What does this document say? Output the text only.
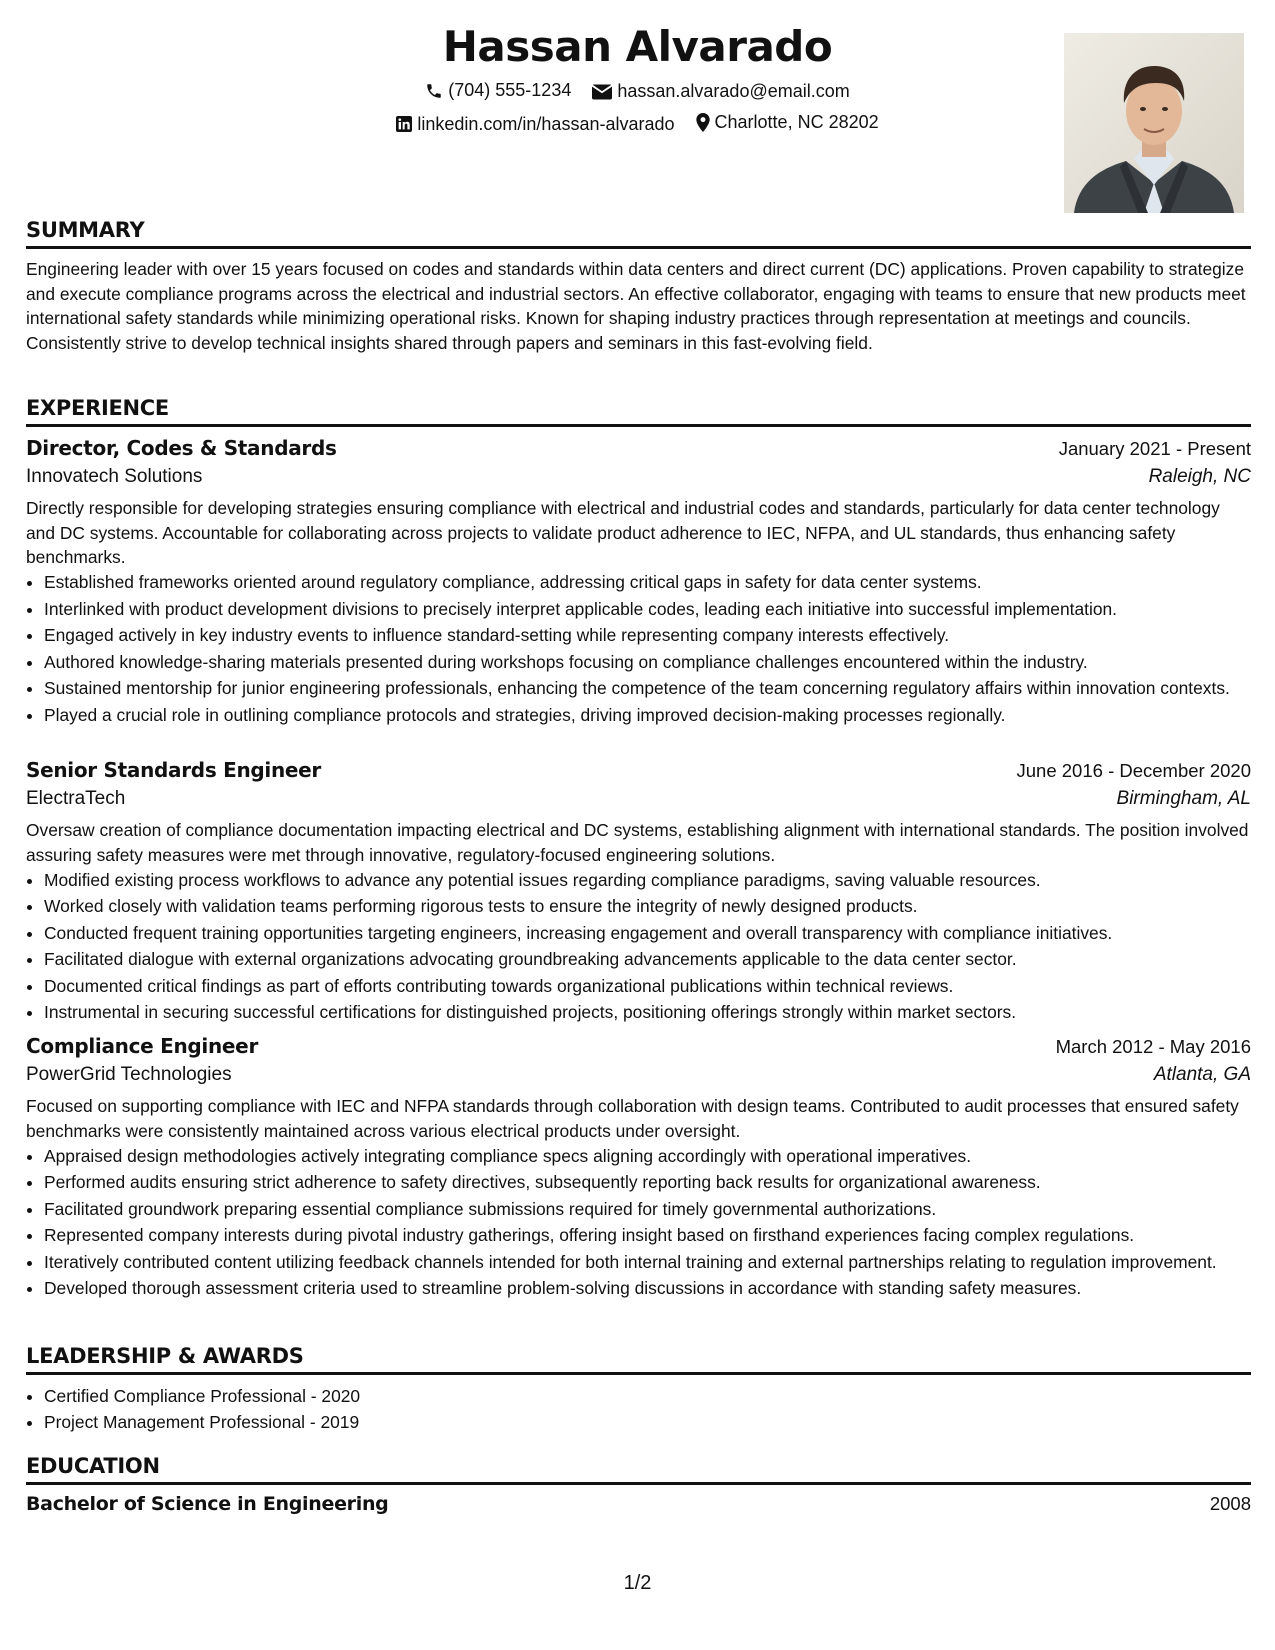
Hassan Alvarado
(704) 555-1234
	hassan.alvarado@email.com
linkedin.com/in/hassan-alvarado
Charlotte, NC 28202
SUMMARY
Engineering leader with over 15 years focused on codes and standards within data centers and direct current (DC) applications. Proven capability to strategize and execute compliance programs across the electrical and industrial sectors. An effective collaborator, engaging with teams to ensure that new products meet international safety standards while minimizing operational risks. Known for shaping industry practices through representation at meetings and councils. Consistently strive to develop technical insights shared through papers and seminars in this fast-evolving field.
EXPERIENCE
Director, Codes & Standards	January 2021 - Present
Innovatech Solutions	Raleigh, NC
Directly responsible for developing strategies ensuring compliance with electrical and industrial codes and standards, particularly for data center technology and DC systems. Accountable for collaborating across projects to validate product adherence to IEC, NFPA, and UL standards, thus enhancing safety benchmarks.
• Established frameworks oriented around regulatory compliance, addressing critical gaps in safety for data center systems.
• Interlinked with product development divisions to precisely interpret applicable codes, leading each initiative into successful implementation.
• Engaged actively in key industry events to influence standard-setting while representing company interests effectively.
• Authored knowledge-sharing materials presented during workshops focusing on compliance challenges encountered within the industry.
• Sustained mentorship for junior engineering professionals, enhancing the competence of the team concerning regulatory affairs within innovation contexts.
• Played a crucial role in outlining compliance protocols and strategies, driving improved decision-making processes regionally.
Senior Standards Engineer	June 2016 - December 2020
ElectraTech	Birmingham, AL
Oversaw creation of compliance documentation impacting electrical and DC systems, establishing alignment with international standards. The position involved assuring safety measures were met through innovative, regulatory-focused engineering solutions.
• Modified existing process workflows to advance any potential issues regarding compliance paradigms, saving valuable resources.
• Worked closely with validation teams performing rigorous tests to ensure the integrity of newly designed products.
• Conducted frequent training opportunities targeting engineers, increasing engagement and overall transparency with compliance initiatives.
• Facilitated dialogue with external organizations advocating groundbreaking advancements applicable to the data center sector.
• Documented critical findings as part of efforts contributing towards organizational publications within technical reviews.
• Instrumental in securing successful certifications for distinguished projects, positioning offerings strongly within market sectors.
Compliance Engineer	March 2012 - May 2016
PowerGrid Technologies	Atlanta, GA
Focused on supporting compliance with IEC and NFPA standards through collaboration with design teams. Contributed to audit processes that ensured safety benchmarks were consistently maintained across various electrical products under oversight.
• Appraised design methodologies actively integrating compliance specs aligning accordingly with operational imperatives.
• Performed audits ensuring strict adherence to safety directives, subsequently reporting back results for organizational awareness.
• Facilitated groundwork preparing essential compliance submissions required for timely governmental authorizations.
• Represented company interests during pivotal industry gatherings, offering insight based on firsthand experiences facing complex regulations.
• Iteratively contributed content utilizing feedback channels intended for both internal training and external partnerships relating to regulation improvement.
• Developed thorough assessment criteria used to streamline problem-solving discussions in accordance with standing safety measures.
LEADERSHIP & AWARDS
• Certified Compliance Professional - 2020
• Project Management Professional - 2019
EDUCATION
Bachelor of Science in Engineering	2008
1/2
